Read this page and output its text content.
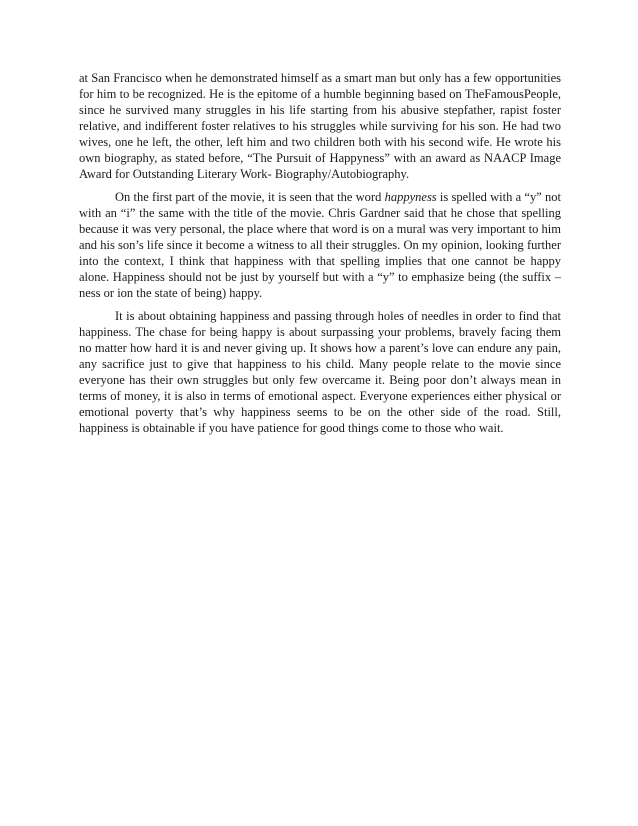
at San Francisco when he demonstrated himself as a smart man but only has a few opportunities for him to be recognized. He is the epitome of a humble beginning based on TheFamousPeople, since he survived many struggles in his life starting from his abusive stepfather, rapist foster relative, and indifferent foster relatives to his struggles while surviving for his son. He had two wives, one he left, the other, left him and two children both with his second wife. He wrote his own biography, as stated before, “The Pursuit of Happyness” with an award as NAACP Image Award for Outstanding Literary Work- Biography/Autobiography.

On the first part of the movie, it is seen that the word happyness is spelled with a “y” not with an “i” the same with the title of the movie. Chris Gardner said that he chose that spelling because it was very personal, the place where that word is on a mural was very important to him and his son’s life since it become a witness to all their struggles. On my opinion, looking further into the context, I think that happiness with that spelling implies that one cannot be happy alone. Happiness should not be just by yourself but with a “y” to emphasize being (the suffix –ness or ion the state of being) happy.

It is about obtaining happiness and passing through holes of needles in order to find that happiness. The chase for being happy is about surpassing your problems, bravely facing them no matter how hard it is and never giving up. It shows how a parent’s love can endure any pain, any sacrifice just to give that happiness to his child. Many people relate to the movie since everyone has their own struggles but only few overcame it. Being poor don’t always mean in terms of money, it is also in terms of emotional aspect. Everyone experiences either physical or emotional poverty that’s why happiness seems to be on the other side of the road. Still, happiness is obtainable if you have patience for good things come to those who wait.
